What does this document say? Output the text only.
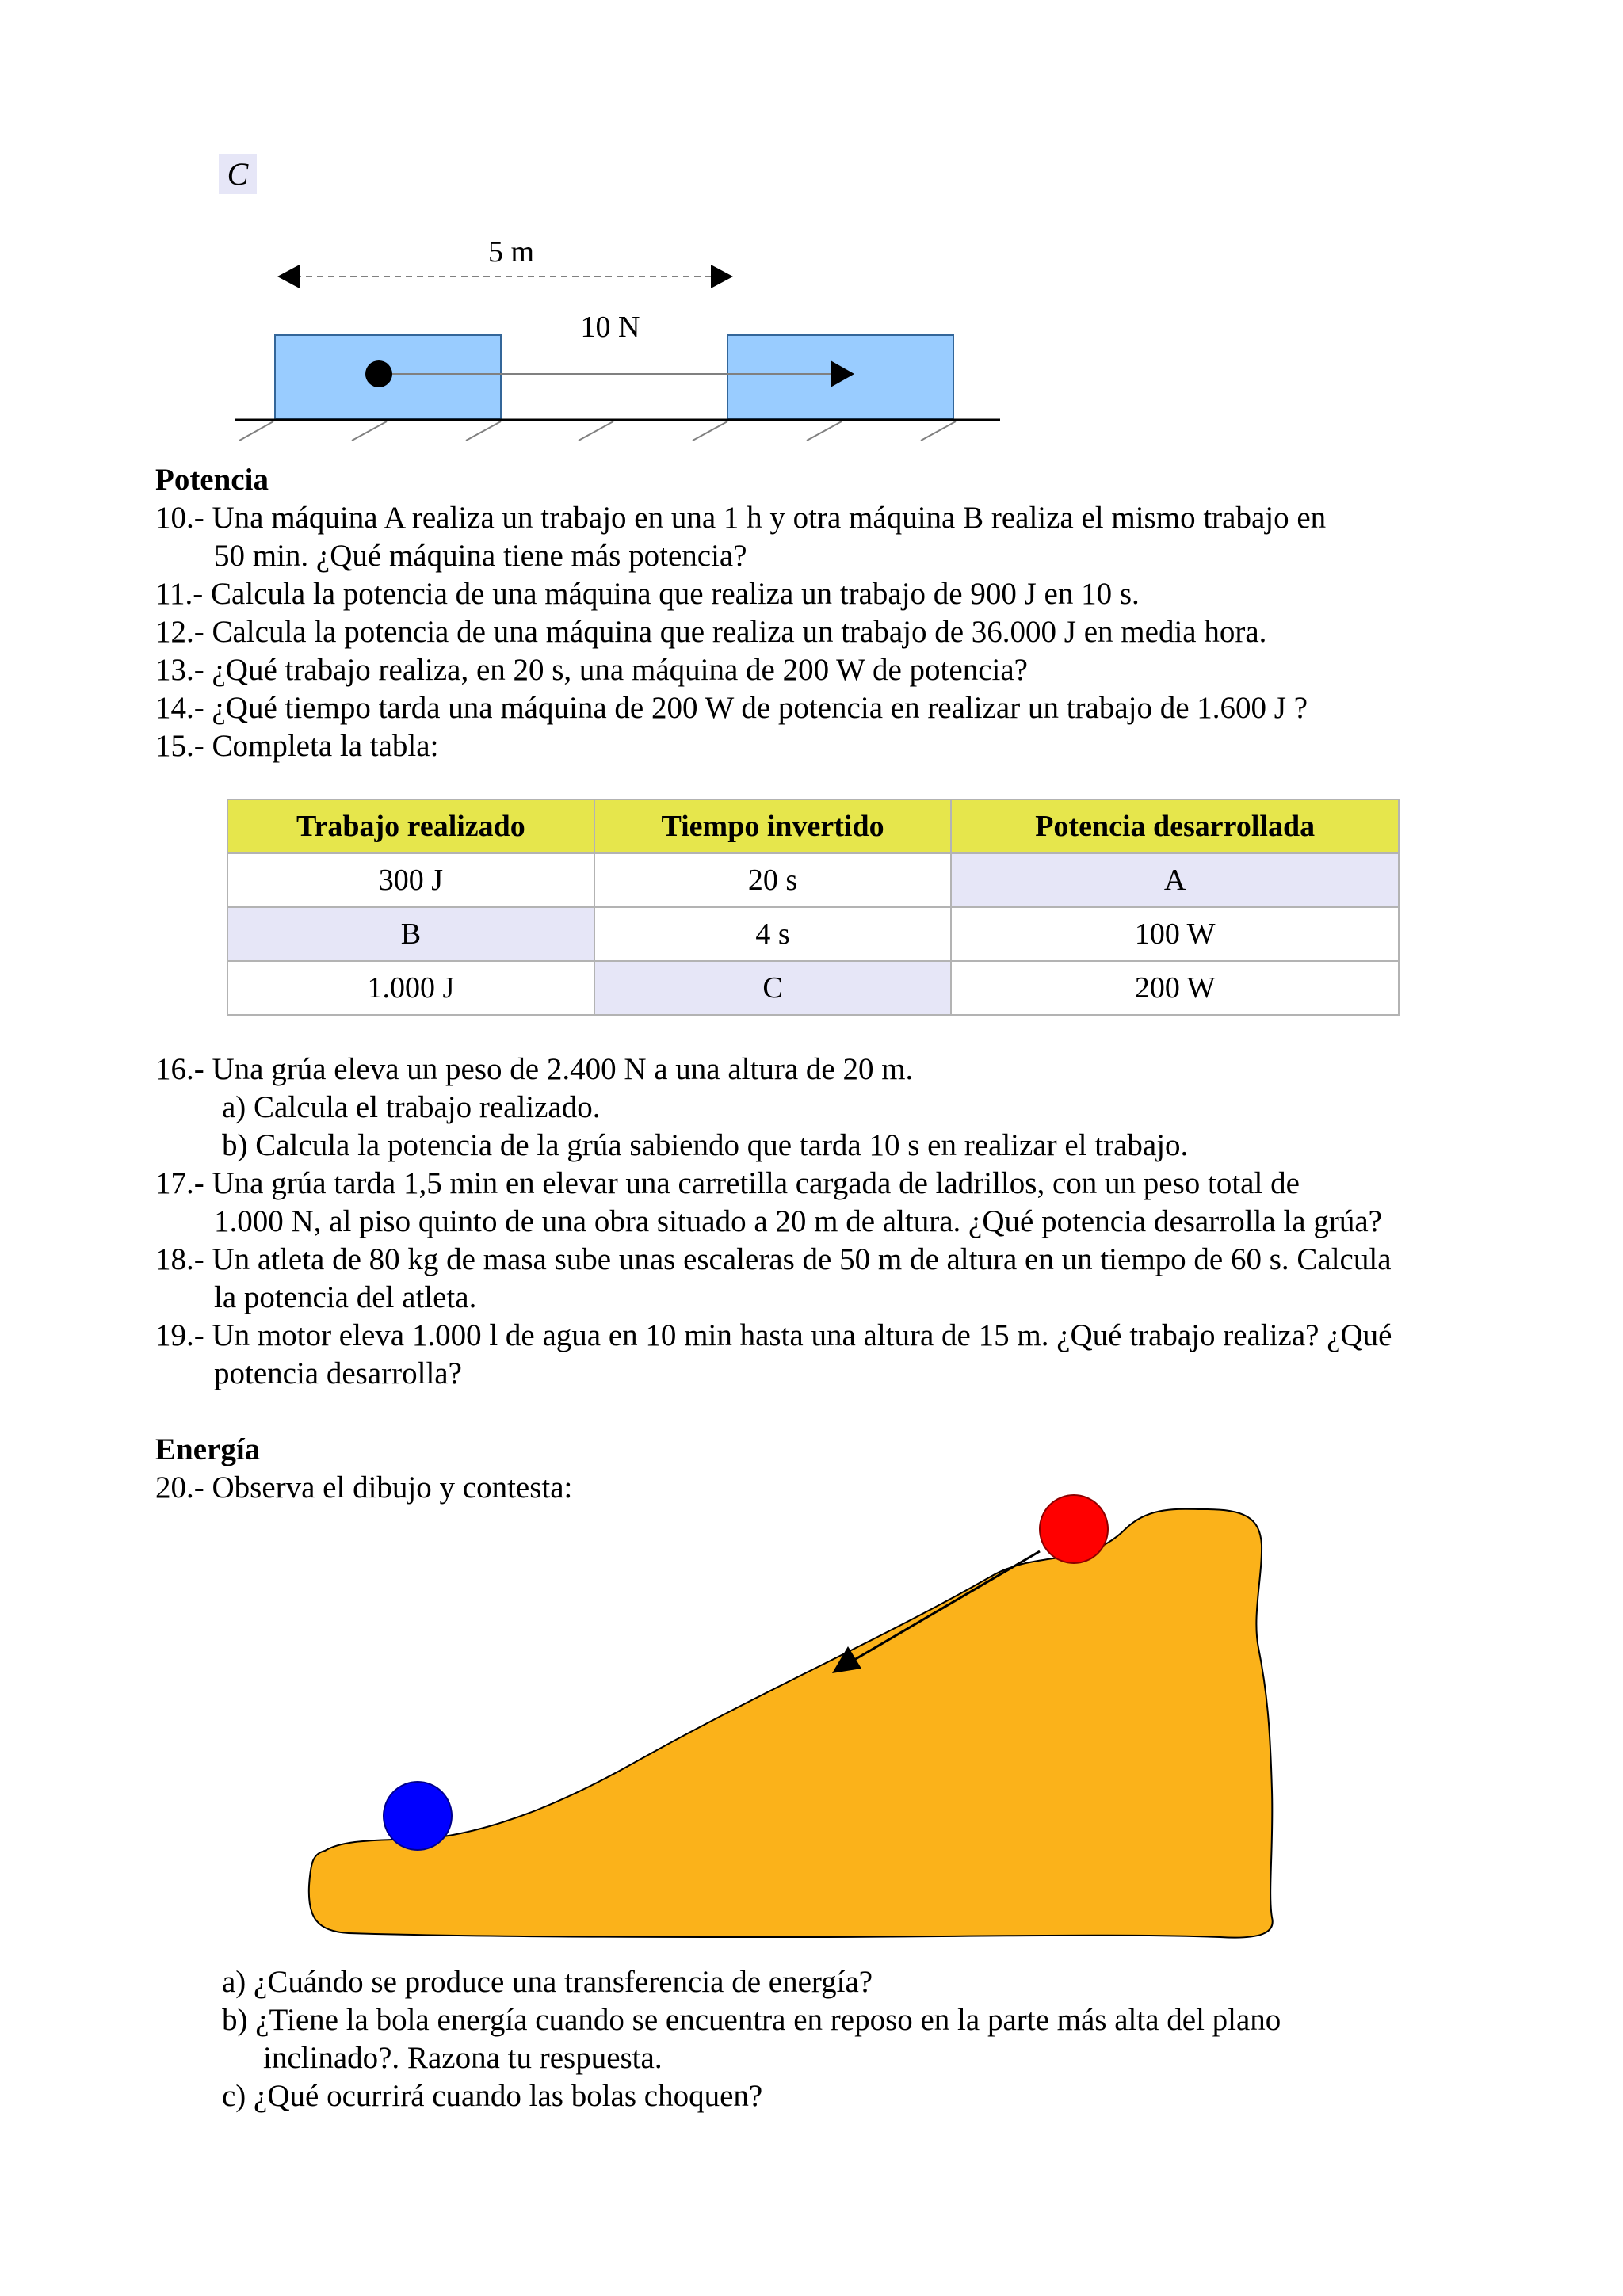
C
5 m
10 N
Potencia
10.- Una máquina A realiza un trabajo en una 1 h y otra máquina B realiza el mismo trabajo en
50 min. ¿Qué máquina tiene más potencia?
11.- Calcula la potencia de una máquina que realiza un trabajo de 900 J en 10 s.
12.- Calcula la potencia de una máquina que realiza un trabajo de 36.000 J en media hora.
13.- ¿Qué trabajo realiza, en 20 s, una máquina de 200 W de potencia?
14.- ¿Qué tiempo tarda una máquina de 200 W de potencia en realizar un trabajo de 1.600 J ?
15.- Completa la tabla:
Trabajo realizado	Tiempo invertido	Potencia desarrollada
300 J	20 s	A
B	4 s	100 W
1.000 J	C	200 W
16.- Una grúa eleva un peso de 2.400 N a una altura de 20 m.
a) Calcula el trabajo realizado.
b) Calcula la potencia de la grúa sabiendo que tarda 10 s en realizar el trabajo.
17.- Una grúa tarda 1,5 min en elevar una carretilla cargada de ladrillos, con un peso total de
1.000 N, al piso quinto de una obra situado a 20 m de altura. ¿Qué potencia desarrolla la grúa?
18.- Un atleta de 80 kg de masa sube unas escaleras de 50 m de altura en un tiempo de 60 s. Calcula
la potencia del atleta.
19.- Un motor eleva 1.000 l de agua en 10 min hasta una altura de 15 m. ¿Qué trabajo realiza? ¿Qué
potencia desarrolla?
Energía
20.- Observa el dibujo y contesta:
a) ¿Cuándo se produce una transferencia de energía?
b) ¿Tiene la bola energía cuando se encuentra en reposo en la parte más alta del plano
inclinado?. Razona tu respuesta.
c) ¿Qué ocurrirá cuando las bolas choquen?
